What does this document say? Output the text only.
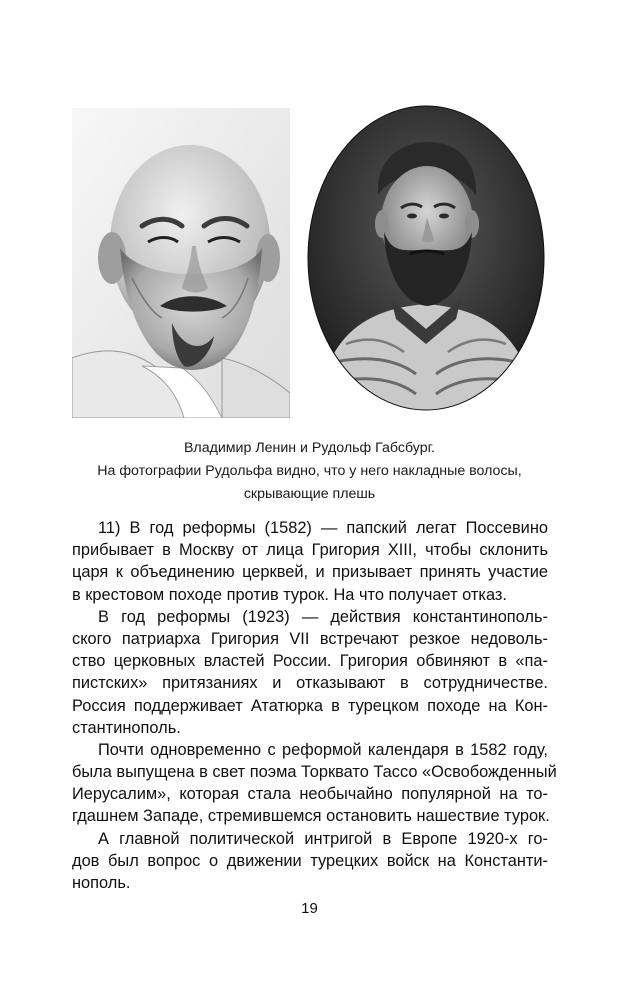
Владимир Ленин и Рудольф Габсбург.
На фотографии Рудольфа видно, что у него накладные волосы,
скрывающие плешь
11) В год реформы (1582) — папский легат Поссевино
прибывает в Москву от лица Григория XIII, чтобы склонить
царя к объединению церквей, и призывает принять участие
в крестовом походе против турок. На что получает отказ.
В год реформы (1923) — действия константинополь-
ского патриарха Григория VII встречают резкое недоволь-
ство церковных властей России. Григория обвиняют в «па-
пистских» притязаниях и отказывают в сотрудничестве.
Россия поддерживает Ататюрка в турецком походе на Кон-
стантинополь.
Почти одновременно с реформой календаря в 1582 году,
была выпущена в свет поэма Торквато Тассо «Освобожденный
Иерусалим», которая стала необычайно популярной на то-
гдашнем Западе, стремившемся остановить нашествие турок.
А главной политической интригой в Европе 1920-х го-
дов был вопрос о движении турецких войск на Константи-
нополь.
19
